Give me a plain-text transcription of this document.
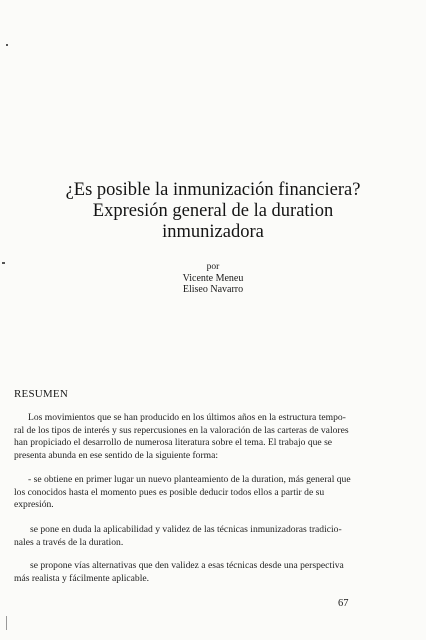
¿Es posible la inmunización financiera?
Expresión general de la duration
inmunizadora
por
Vicente Meneu
Eliseo Navarro
RESUMEN
Los movimientos que se han producido en los últimos años en la estructura tempo-
ral de los tipos de interés y sus repercusiones en la valoración de las carteras de valores
han propiciado el desarrollo de numerosa literatura sobre el tema. El trabajo que se
presenta abunda en ese sentido de la siguiente forma:
- se obtiene en primer lugar un nuevo planteamiento de la duration, más general que
los conocidos hasta el momento pues es posible deducir todos ellos a partir de su
expresión.
se pone en duda la aplicabilidad y validez de las técnicas inmunizadoras tradicio-
nales a través de la duration.
se propone vías alternativas que den validez a esas técnicas desde una perspectiva
más realista y fácilmente aplicable.
67
